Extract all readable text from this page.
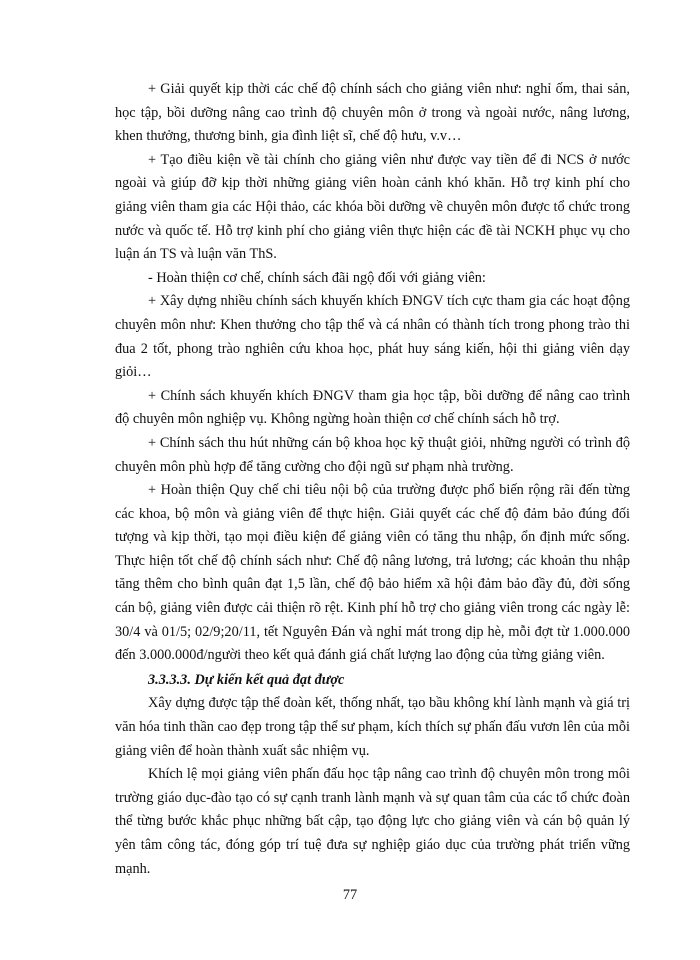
+ Giải quyết kịp thời các chế độ chính sách cho giảng viên như: nghỉ ốm, thai sản, học tập, bồi dưỡng nâng cao trình độ chuyên môn ở trong và ngoài nước, nâng lương, khen thưởng, thương binh, gia đình liệt sĩ, chế độ hưu, v.v…

+ Tạo điều kiện về tài chính cho giảng viên như được vay tiền để đi NCS ở nước ngoài và giúp đỡ kịp thời những giảng viên hoàn cảnh khó khăn. Hỗ trợ kinh phí cho giảng viên tham gia các Hội thảo, các khóa bồi dưỡng về chuyên môn được tổ chức trong nước và quốc tế. Hỗ trợ kinh phí cho giảng viên thực hiện các đề tài NCKH phục vụ cho luận án TS và luận văn ThS.

- Hoàn thiện cơ chế, chính sách đãi ngộ đối với giảng viên:

+ Xây dựng nhiều chính sách khuyến khích ĐNGV tích cực tham gia các hoạt động chuyên môn như: Khen thưởng cho tập thể và cá nhân có thành tích trong phong trào thi đua 2 tốt, phong trào nghiên cứu khoa học, phát huy sáng kiến, hội thi giảng viên dạy giỏi…

+ Chính sách khuyến khích ĐNGV tham gia học tập, bồi dưỡng để nâng cao trình độ chuyên môn nghiệp vụ. Không ngừng hoàn thiện cơ chế chính sách hỗ trợ.

+ Chính sách thu hút những cán bộ khoa học kỹ thuật giỏi, những người có trình độ chuyên môn phù hợp để tăng cường cho đội ngũ sư phạm nhà trường.

+ Hoàn thiện Quy chế chi tiêu nội bộ của trường được phổ biến rộng rãi đến từng các khoa, bộ môn và giảng viên để thực hiện. Giải quyết các chế độ đảm bảo đúng đối tượng và kịp thời, tạo mọi điều kiện để giảng viên có tăng thu nhập, ổn định mức sống. Thực hiện tốt chế độ chính sách như: Chế độ nâng lương, trả lương; các khoản thu nhập tăng thêm cho bình quân đạt 1,5 lần, chế độ bảo hiểm xã hội đảm bảo đầy đủ, đời sống cán bộ, giảng viên được cải thiện rõ rệt. Kinh phí hỗ trợ cho giảng viên trong các ngày lễ: 30/4 và 01/5; 02/9;20/11, tết Nguyên Đán và nghỉ mát trong dịp hè, mỗi đợt từ 1.000.000 đến 3.000.000đ/người theo kết quả đánh giá chất lượng lao động của từng giảng viên.

3.3.3.3. Dự kiến kết quả đạt được

Xây dựng được tập thể đoàn kết, thống nhất, tạo bầu không khí lành mạnh và giá trị văn hóa tinh thần cao đẹp trong tập thể sư phạm, kích thích sự phấn đấu vươn lên của mỗi giảng viên để hoàn thành xuất sắc nhiệm vụ.

Khích lệ mọi giảng viên phấn đấu học tập nâng cao trình độ chuyên môn trong môi trường giáo dục-đào tạo có sự cạnh tranh lành mạnh và sự quan tâm của các tổ chức đoàn thể từng bước khắc phục những bất cập, tạo động lực cho giảng viên và cán bộ quản lý yên tâm công tác, đóng góp trí tuệ đưa sự nghiệp giáo dục của trường phát triển vững mạnh.

77
